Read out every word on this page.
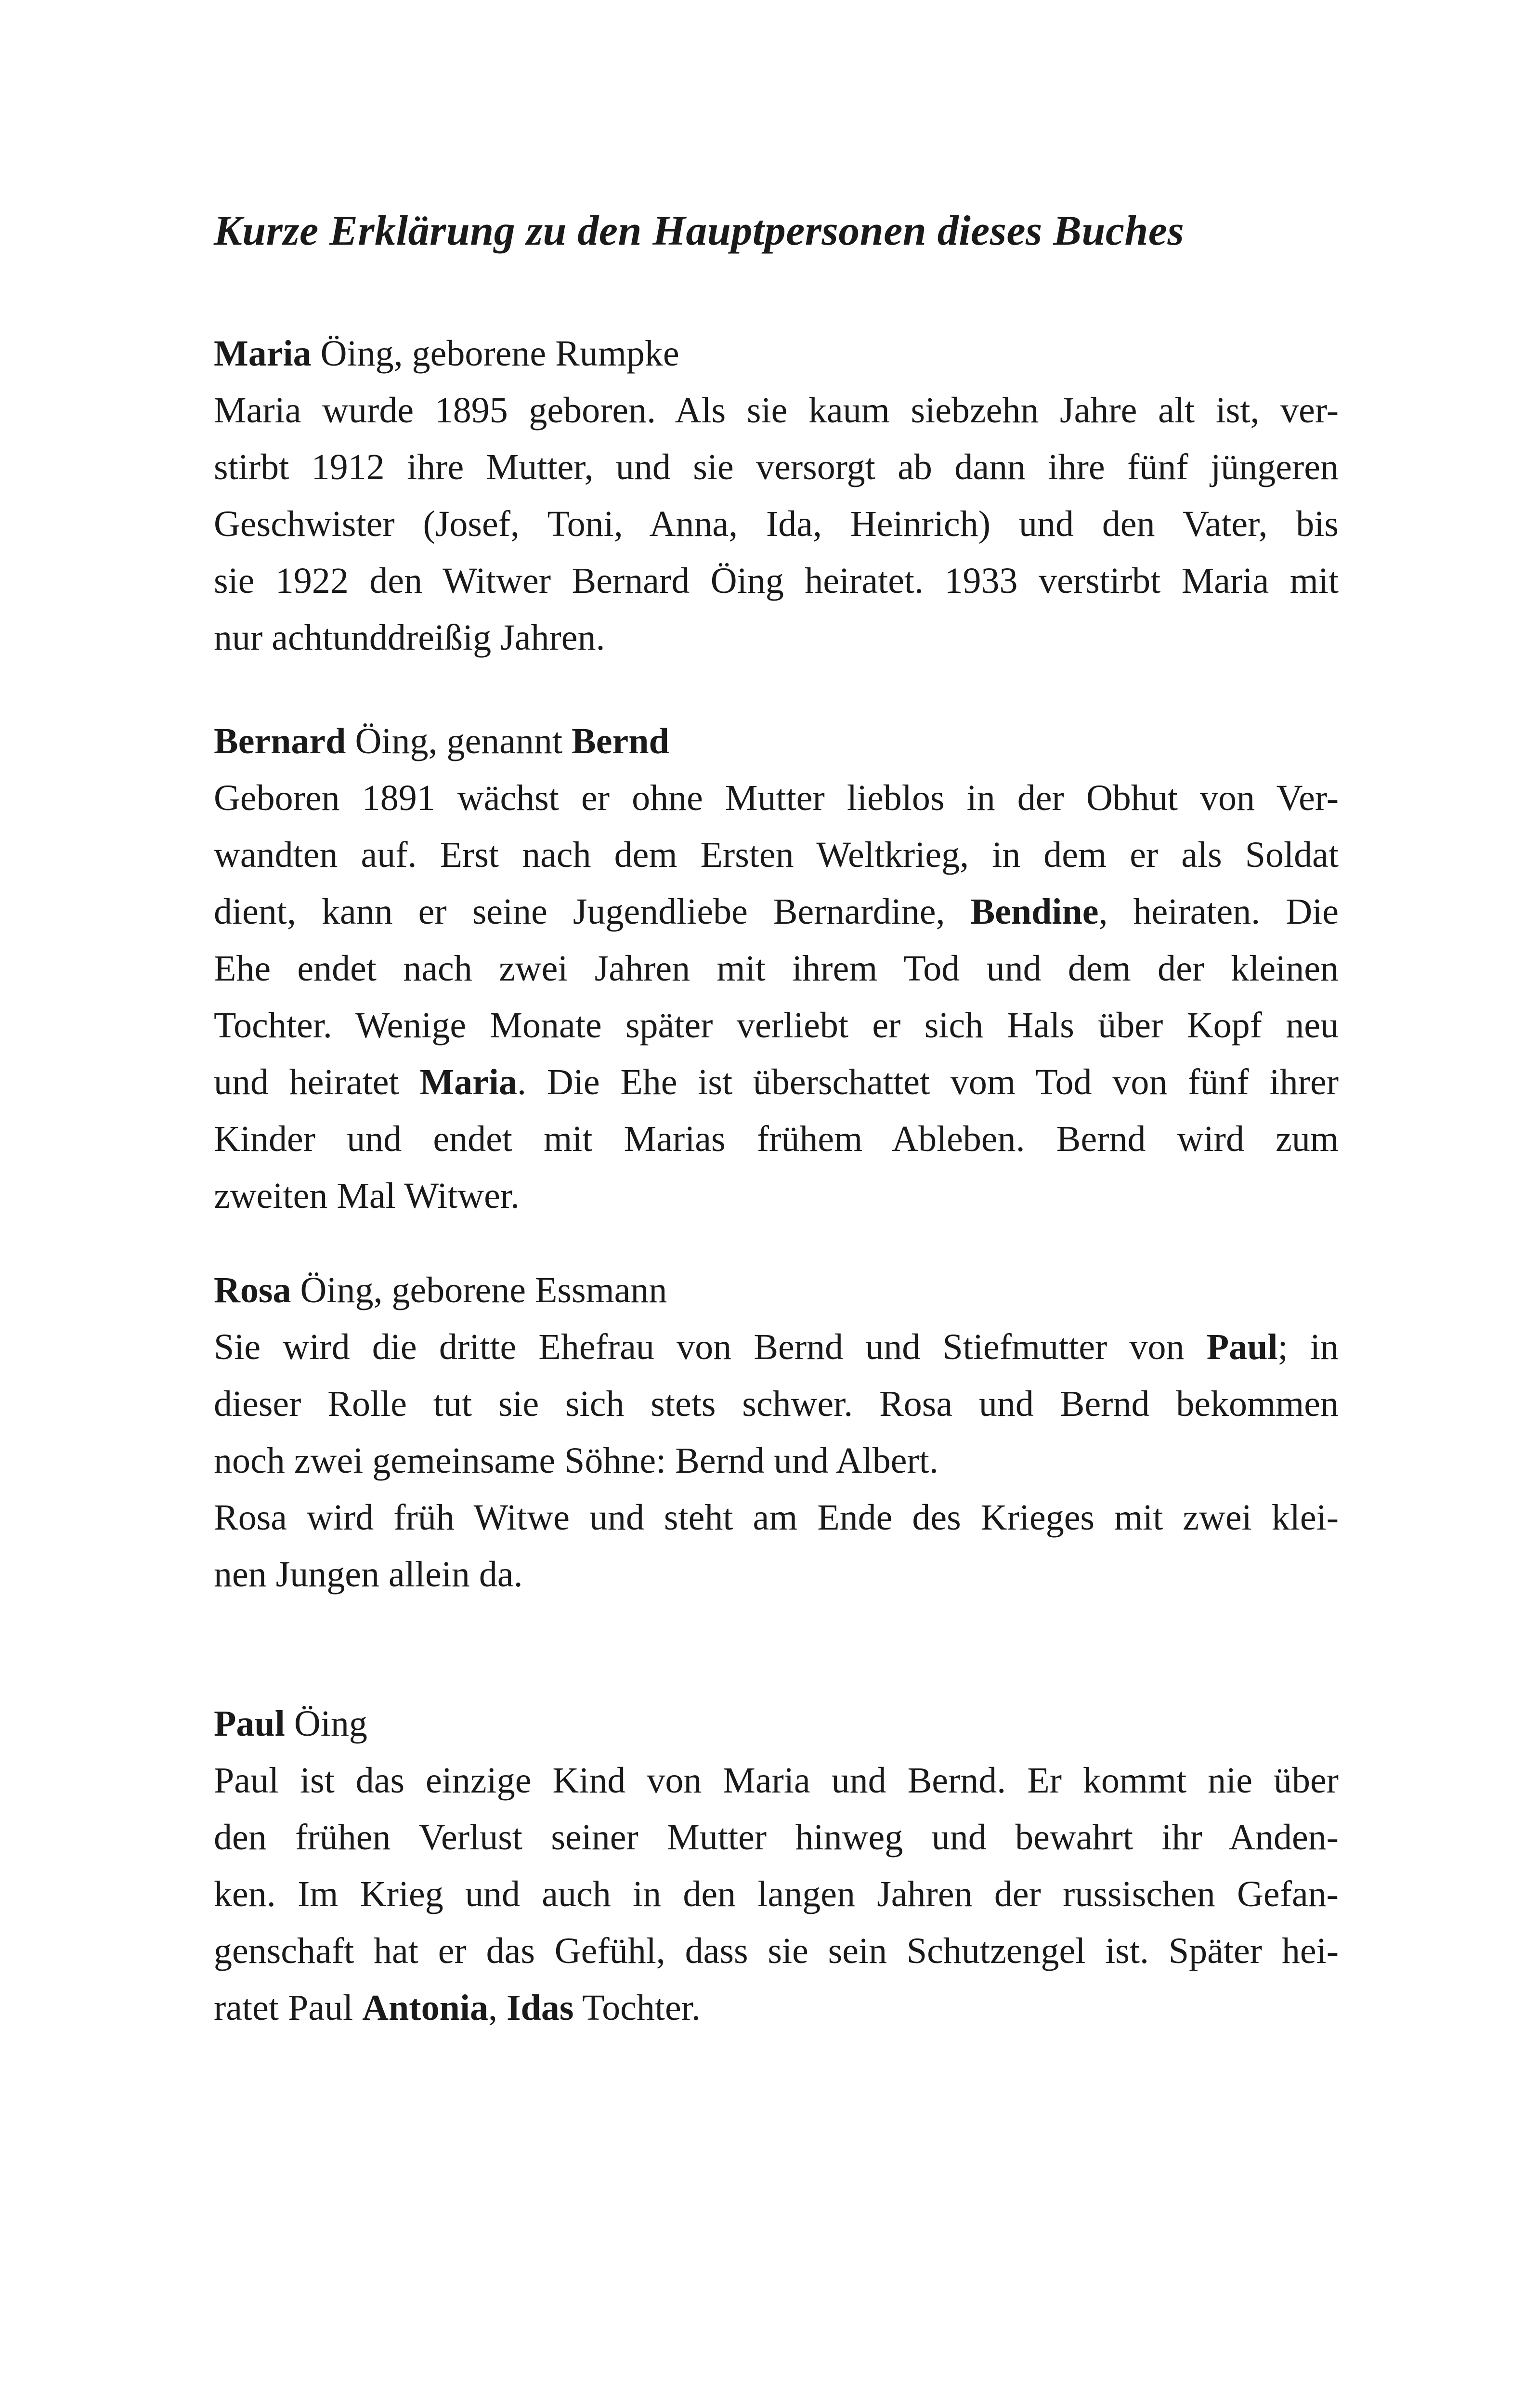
Kurze Erklärung zu den Hauptpersonen dieses Buches
Maria Öing, geborene Rumpke
Maria wurde 1895 geboren. Als sie kaum siebzehn Jahre alt ist, ver-
stirbt 1912 ihre Mutter, und sie versorgt ab dann ihre fünf jüngeren
Geschwister (Josef, Toni, Anna, Ida, Heinrich) und den Vater, bis
sie 1922 den Witwer Bernard Öing heiratet. 1933 verstirbt Maria mit
nur achtunddreißig Jahren.
Bernard Öing, genannt Bernd
Geboren 1891 wächst er ohne Mutter lieblos in der Obhut von Ver-
wandten auf. Erst nach dem Ersten Weltkrieg, in dem er als Soldat
dient, kann er seine Jugendliebe Bernardine, Bendine, heiraten. Die
Ehe endet nach zwei Jahren mit ihrem Tod und dem der kleinen
Tochter. Wenige Monate später verliebt er sich Hals über Kopf neu
und heiratet Maria. Die Ehe ist überschattet vom Tod von fünf ihrer
Kinder und endet mit Marias frühem Ableben. Bernd wird zum
zweiten Mal Witwer.
Rosa Öing, geborene Essmann
Sie wird die dritte Ehefrau von Bernd und Stiefmutter von Paul; in
dieser Rolle tut sie sich stets schwer. Rosa und Bernd bekommen
noch zwei gemeinsame Söhne: Bernd und Albert.
Rosa wird früh Witwe und steht am Ende des Krieges mit zwei klei-
nen Jungen allein da.
Paul Öing
Paul ist das einzige Kind von Maria und Bernd. Er kommt nie über
den frühen Verlust seiner Mutter hinweg und bewahrt ihr Anden-
ken. Im Krieg und auch in den langen Jahren der russischen Gefan-
genschaft hat er das Gefühl, dass sie sein Schutzengel ist. Später hei-
ratet Paul Antonia, Idas Tochter.
